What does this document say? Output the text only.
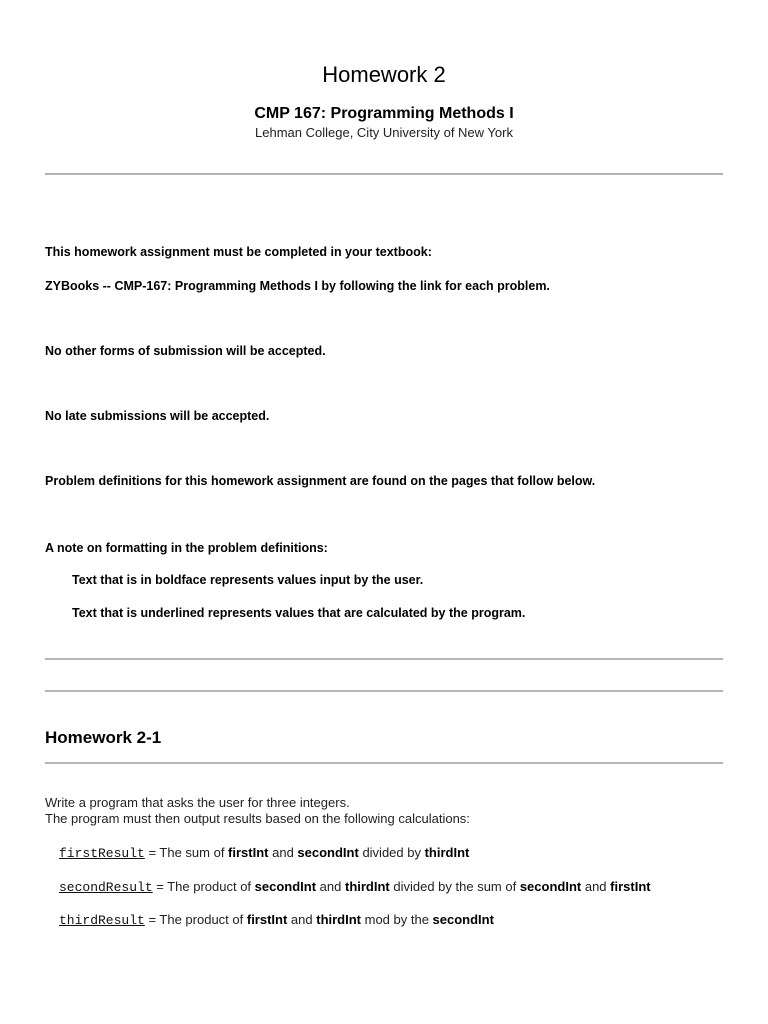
Homework 2
CMP 167: Programming Methods I

Lehman College, City University of New York

This homework assignment must be completed in your textbook:

ZYBooks -- CMP-167: Programming Methods I by following the link for each problem.

No other forms of submission will be accepted.

No late submissions will be accepted.

Problem definitions for this homework assignment are found on the pages that follow below.

A note on formatting in the problem definitions:

Text that is in boldface represents values input by the user.

Text that is underlined represents values that are calculated by the program.

Homework 2-1

Write a program that asks the user for three integers.

The program must then output results based on the following calculations:

firstResult = The sum of firstInt and secondInt divided by thirdInt

secondResult = The product of secondInt and thirdInt divided by the sum of secondInt and firstInt

thirdResult = The product of firstInt and thirdInt mod by the secondInt
